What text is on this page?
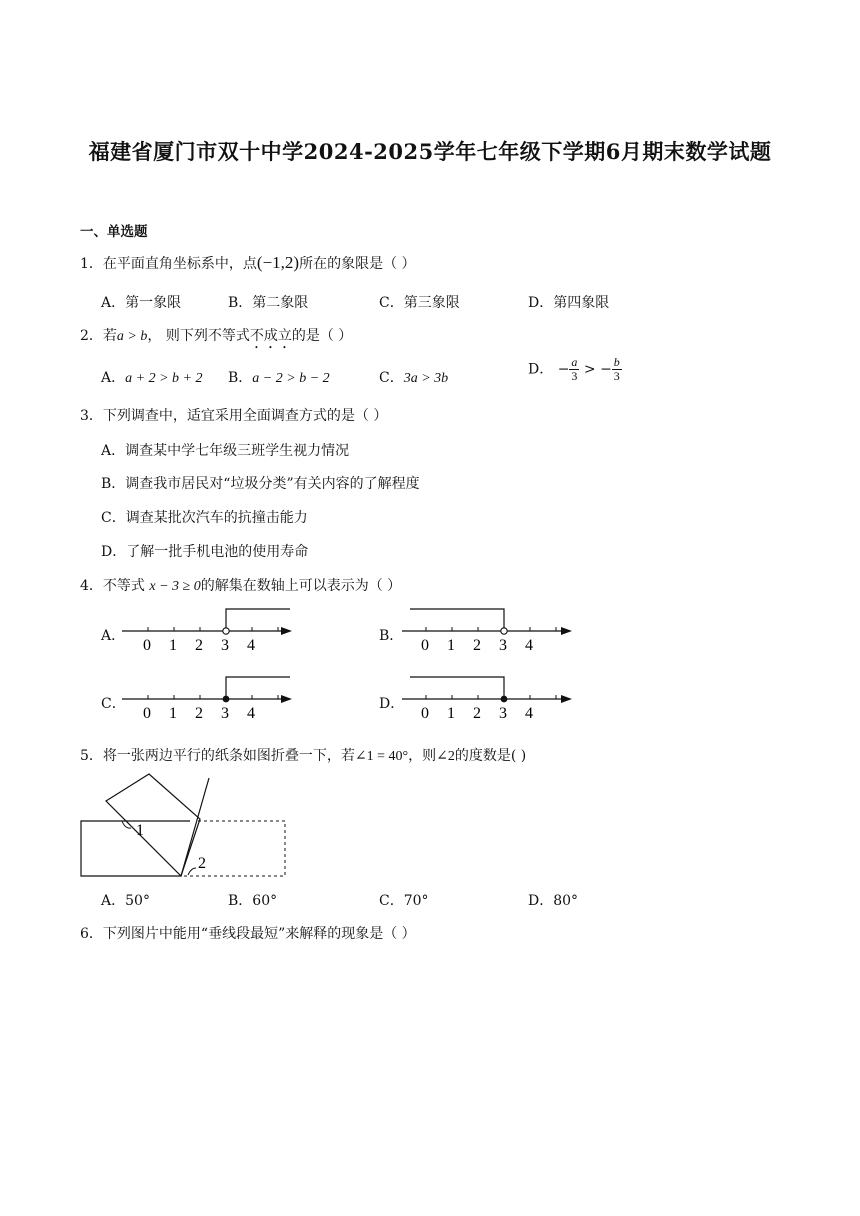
福建省厦门市双十中学2024-2025学年七年级下学期6月期末数学试题
一、单选题
1．在平面直角坐标系中，点(−1,2)所在的象限是（ ）
A．第一象限	B．第二象限	C．第三象限	D．第四象限
2．若a > b， 则下列不等式不成立的是（ ）
A．a + 2 > b + 2 B．a − 2 > b − 2	C．3a > 3b
D． − $\frac{a}{3}$ > − $\frac{b}{3}$
3．下列调查中，适宜采用全面调查方式的是（ ）
A．调查某中学七年级三班学生视力情况
B．调查我市居民对“垃圾分类”有关内容的了解程度
C．调查某批次汽车的抗撞击能力
D．了解一批手机电池的使用寿命
4．不等式 x − 3 ≥ 0的解集在数轴上可以表示为（ ）
A．	B．
C．	D．
0 1 2 3 4	0 1 2 3 4
0 1 2 3 4	0 1 2 3 4
5．将一张两边平行的纸条如图折叠一下，若∠1 = 40°，则∠2的度数是( )
1
2
A．50°	B．60°	C．70°	D．80°
6．下列图片中能用“垂线段最短”来解释的现象是（ ）
